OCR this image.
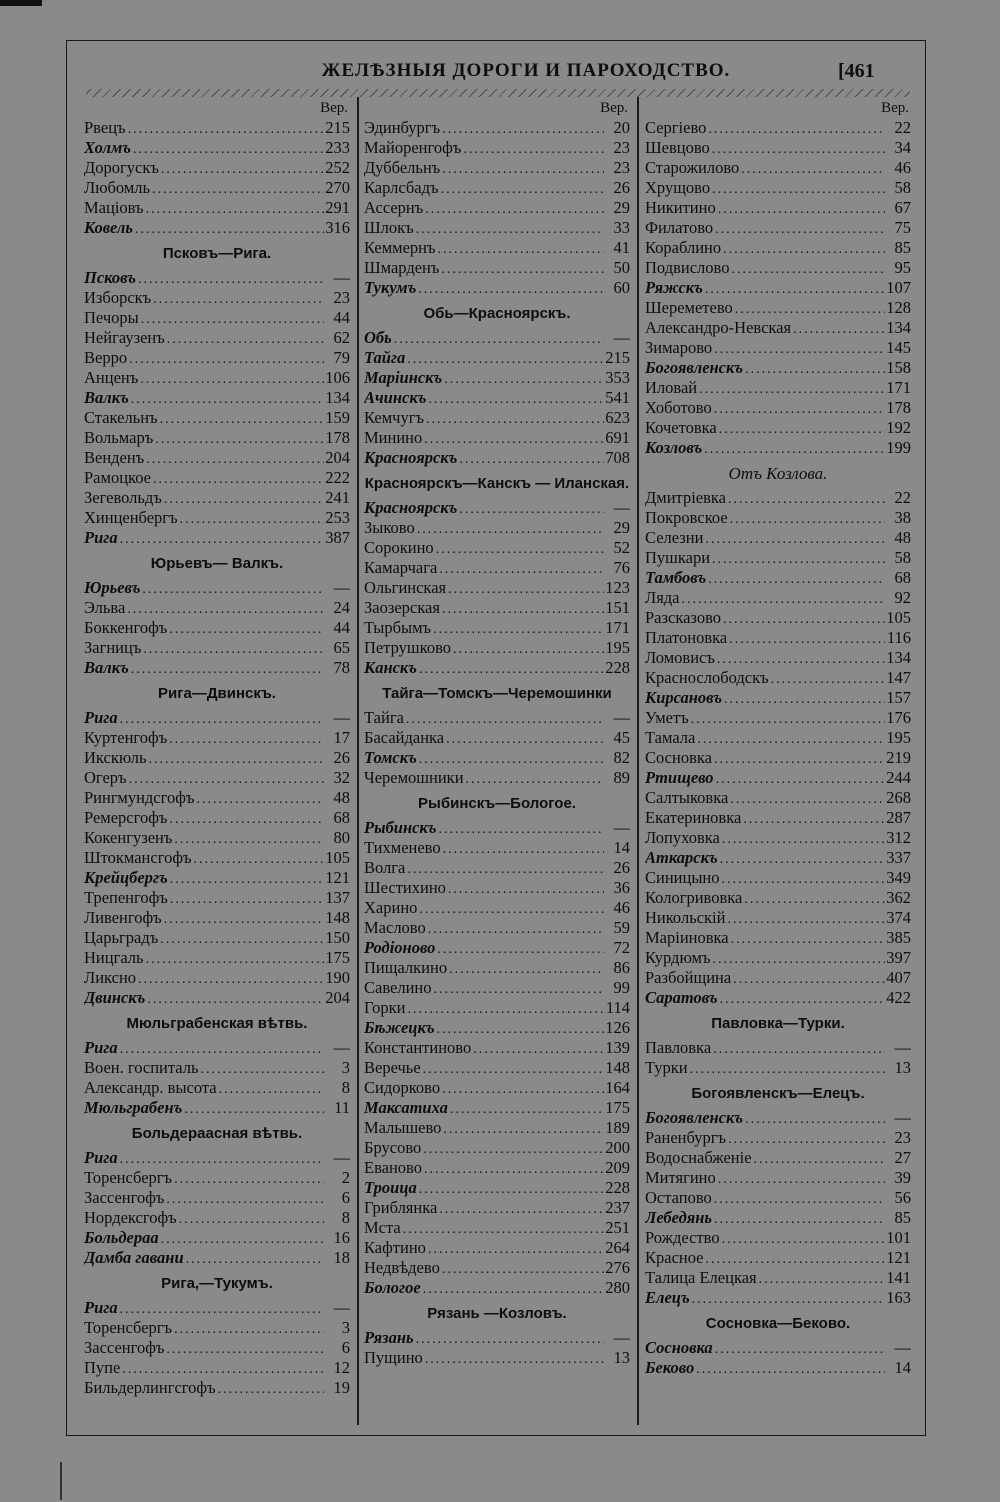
ЖЕЛѢЗНЫЯ ДОРОГИ И ПАРОХОДСТВО.	[461
Вер.
Рвецъ .....	215
Холмъ .....	233
Дорогускъ .....	252
Любомль .....	270
Маціовъ .....	291
Ковель .....	316
Псковъ—Рига.
Псковъ .....	—
Изборскъ .....	23
Печоры .....	44
Нейгаузенъ .....	62
Верро .....	79
Анценъ .....	106
Валкъ .....	134
Стакельнъ .....	159
Вольмаръ .....	178
Венденъ .....	204
Рамоцкое .....	222
Зегевольдъ .....	241
Хинценбергъ .....	253
Рига .....	387
Юрьевъ— Валкъ.
Юрьевъ .....	—
Эльва .....	24
Боккенгофъ .....	44
Загницъ .....	65
Валкъ .....	78
Рига—Двинскъ.
Рига .....	—
Куртенгофъ .....	17
Икскюль .....	26
Огеръ .....	32
Рингмундсгофъ .....	48
Ремерсгофъ .....	68
Кокенгузенъ .....	80
Штокмансгофъ .....	105
Крейцбергъ .....	121
Трепенгофъ .....	137
Ливенгофъ .....	148
Царьградъ .....	150
Ницгаль .....	175
Ликсно .....	190
Двинскъ .....	204
Мюльграбенская вѣтвь.
Рига .....	—
Воен. госпиталь .....	3
Александр. высота .....	8
Мюльграбенъ .....	11
Больдераасная вѣтвь.
Рига .....	—
Торенсбергъ .....	2
Зассенгофъ .....	6
Нордексгофъ .....	8
Больдераа .....	16
Дамба гавани .....	18
Рига,—Тукумъ.
Рига .....	—
Торенсбергъ .....	3
Зассенгофъ .....	6
Пупе .....	12
Бильдерлингсгофъ .....	19
Вер.
Эдинбургъ .....	20
Майоренгофъ .....	23
Дуббельнъ .....	23
Карлсбадъ .....	26
Ассернъ .....	29
Шлокъ .....	33
Кеммернъ .....	41
Шмарденъ .....	50
Тукумъ .....	60
Обь—Красноярскъ.
Обь .....	—
Тайга .....	215
Маріинскъ .....	353
Ачинскъ .....	541
Кемчугъ .....	623
Минино .....	691
Красноярскъ .....	708
Красноярскъ—Канскъ — Иланская.
Красноярскъ .....	—
Зыково .....	29
Сорокино .....	52
Камарчага .....	76
Ольгинская .....	123
Заозерская .....	151
Тырбымъ .....	171
Петрушково .....	195
Канскъ .....	228
Тайга—Томскъ—Черемошинки
Тайга .....	—
Басайданка .....	45
Томскъ .....	82
Черемошники .....	89
Рыбинскъ—Бологое.
Рыбинскъ .....	—
Тихменево .....	14
Волга .....	26
Шестихино .....	36
Харино .....	46
Маслово .....	59
Родіоново .....	72
Пищалкино .....	86
Савелино .....	99
Горки .....	114
Бѣжецкъ .....	126
Константиново .....	139
Веречье .....	148
Сидорково .....	164
Максатиха .....	175
Малышево .....	189
Брусово .....	200
Еваново .....	209
Троица .....	228
Гриблянка .....	237
Мста .....	251
Кафтино .....	264
Недвѣдево .....	276
Бологое .....	280
Рязань —Козловъ.
Рязань .....	—
Пущино .....	13
Вер.
Сергіево .....	22
Шевцово .....	34
Старожилово .....	46
Хрущово .....	58
Никитино .....	67
Филатово .....	75
Кораблино .....	85
Подвислово .....	95
Ряжскъ .....	107
Шереметево .....	128
Александро-Невская .....	134
Зимарово .....	145
Богоявленскъ .....	158
Иловай .....	171
Хоботово .....	178
Кочетовка .....	192
Козловъ .....	199
Отъ Козлова.
Дмитріевка .....	22
Покровское .....	38
Селезни .....	48
Пушкари .....	58
Тамбовъ .....	68
Ляда .....	92
Разсказово .....	105
Платоновка .....	116
Ломовисъ .....	134
Краснослободскъ .....	147
Кирсановъ .....	157
Уметъ .....	176
Тамала .....	195
Сосновка .....	219
Ртищево .....	244
Салтыковка .....	268
Екатериновка .....	287
Лопуховка .....	312
Аткарскъ .....	337
Синицыно .....	349
Кологривовка .....	362
Никольскій .....	374
Маріиновка .....	385
Курдюмъ .....	397
Разбойщина .....	407
Саратовъ .....	422
Павловка—Турки.
Павловка .....	—
Турки .....	13
Богоявленскъ—Елецъ.
Богоявленскъ .....	—
Раненбургъ .....	23
Водоснабженіе .....	27
Митягино .....	39
Остапово .....	56
Лебедянь .....	85
Рождество .....	101
Красное .....	121
Талица Елецкая .....	141
Елецъ .....	163
Сосновка—Беково.
Сосновка .....	—
Беково .....	14
